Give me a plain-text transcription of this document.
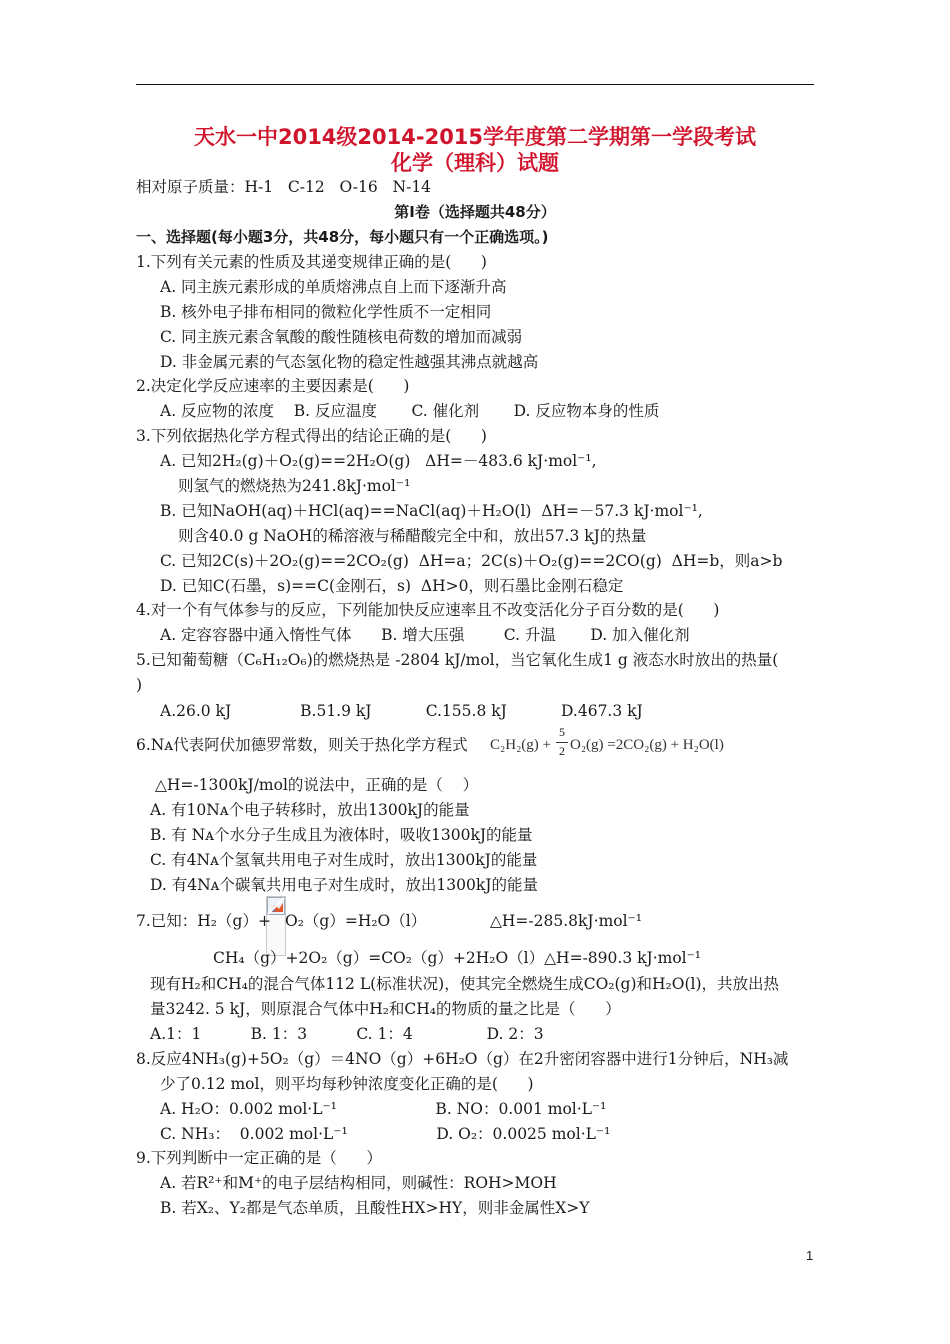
天水一中2014级2014-2015学年度第二学期第一学段考试
化学（理科）试题
相对原子质量：H-1   C-12   O-16   N-14
第Ⅰ卷（选择题共48分）
一、选择题(每小题3分，共48分，每小题只有一个正确选项。)
1.下列有关元素的性质及其递变规律正确的是(      )
A. 同主族元素形成的单质熔沸点自上而下逐渐升高
B. 核外电子排布相同的微粒化学性质不一定相同
C. 同主族元素含氧酸的酸性随核电荷数的增加而减弱
D. 非金属元素的气态氢化物的稳定性越强其沸点就越高
2.决定化学反应速率的主要因素是(      )
A. 反应物的浓度    B. 反应温度       C. 催化剂       D. 反应物本身的性质
3.下列依据热化学方程式得出的结论正确的是(      )
A. 已知2H₂(g)＋O₂(g)==2H₂O(g)   ΔH=－483.6 kJ·mol⁻¹,
则氢气的燃烧热为241.8kJ·mol⁻¹
B. 已知NaOH(aq)＋HCl(aq)==NaCl(aq)＋H₂O(l)  ΔH=－57.3 kJ·mol⁻¹,
则含40.0 g NaOH的稀溶液与稀醋酸完全中和，放出57.3 kJ的热量
C. 已知2C(s)＋2O₂(g)==2CO₂(g)  ΔH=a；2C(s)＋O₂(g)==2CO(g)  ΔH=b，则a>b
D. 已知C(石墨，s)==C(金刚石，s)  ΔH>0，则石墨比金刚石稳定
4.对一个有气体参与的反应，下列能加快反应速率且不改变活化分子百分数的是(      )
A. 定容容器中通入惰性气体      B. 增大压强        C. 升温       D. 加入催化剂
5.已知葡萄糖（C₆H₁₂O₆)的燃烧热是 -2804 kJ/mol，当它氧化生成1 g 液态水时放出的热量(
)
A.26.0 kJ              B.51.9 kJ           C.155.8 kJ           D.467.3 kJ
6.Nᴀ代表阿伏加德罗常数，则关于热化学方程式 C₂H₂(g) +
5
2 O₂(g) =2CO₂(g) + H₂O(l)
△H=-1300kJ/mol的说法中，正确的是（    ）
A. 有10Nᴀ个电子转移时，放出1300kJ的能量
B. 有 Nᴀ个水分子生成且为液体时，吸收1300kJ的能量
C. 有4Nᴀ个氢氧共用电子对生成时，放出1300kJ的能量
D. 有4Nᴀ个碳氧共用电子对生成时，放出1300kJ的能量
7.已知：H₂（g）+ O₂（g）=H₂O（l）	△H=-285.8kJ·mol⁻¹
CH₄（g）+2O₂（g）=CO₂（g）+2H₂O（l）△H=-890.3 kJ·mol⁻¹
现有H₂和CH₄的混合气体112 L(标准状况)，使其完全燃烧生成CO₂(g)和H₂O(l)，共放出热
量3242. 5 kJ，则原混合气体中H₂和CH₄的物质的量之比是（      ）
A.1：1          B. 1：3          C. 1：4               D. 2：3
8.反应4NH₃(g)+5O₂（g）＝4NO（g）+6H₂O（g）在2升密闭容器中进行1分钟后，NH₃减
少了0.12 mol，则平均每秒钟浓度变化正确的是(      )
A. H₂O：0.002 mol·L⁻¹                    B. NO：0.001 mol·L⁻¹
C. NH₃：  0.002 mol·L⁻¹                  D. O₂：0.0025 mol·L⁻¹
9.下列判断中一定正确的是（      ）
A. 若R²⁺和M⁺的电子层结构相同，则碱性：ROH>MOH
B. 若X₂、Y₂都是气态单质，且酸性HX>HY，则非金属性X>Y
1
